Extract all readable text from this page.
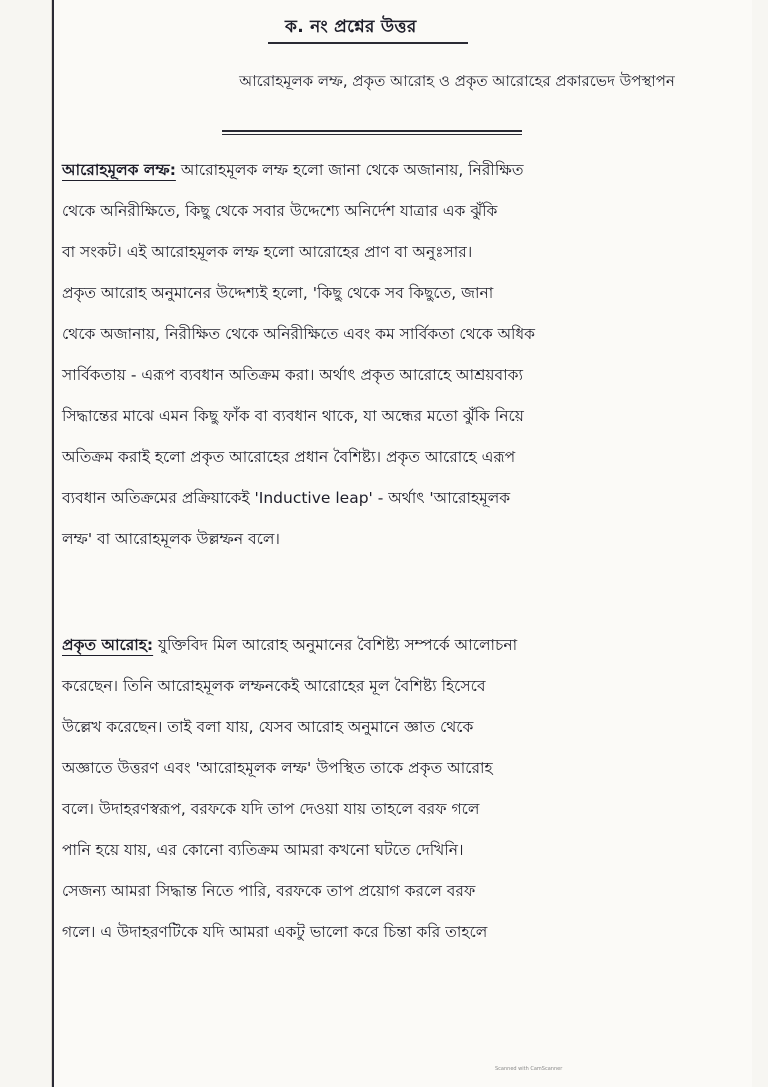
ক. নং প্রশ্নের উত্তর
আরোহমূলক লম্ফ, প্রকৃত আরোহ ও প্রকৃত আরোহের প্রকারভেদ উপস্থাপন
আরোহমূলক লম্ফ: আরোহমূলক লম্ফ হলো জানা থেকে অজানায়, নিরীক্ষিত
থেকে অনিরীক্ষিতে, কিছু থেকে সবার উদ্দেশ্যে অনির্দেশ যাত্রার এক ঝুঁকি
বা সংকট। এই আরোহমূলক লম্ফ হলো আরোহের প্রাণ বা অনুঃসার।
প্রকৃত আরোহ অনুমানের উদ্দেশ্যই হলো, 'কিছু থেকে সব কিছুতে, জানা
থেকে অজানায়, নিরীক্ষিত থেকে অনিরীক্ষিতে এবং কম সার্বিকতা থেকে অধিক
সার্বিকতায় - এরূপ ব্যবধান অতিক্রম করা। অর্থাৎ প্রকৃত আরোহে আশ্রয়বাক্য
সিদ্ধান্তের মাঝে এমন কিছু ফাঁক বা ব্যবধান থাকে, যা অন্ধের মতো ঝুঁকি নিয়ে
অতিক্রম করাই হলো প্রকৃত আরোহের প্রধান বৈশিষ্ট্য। প্রকৃত আরোহে এরূপ
ব্যবধান অতিক্রমের প্রক্রিয়াকেই 'Inductive leap' - অর্থাৎ 'আরোহমূলক
লম্ফ' বা আরোহমূলক উল্লম্ফন বলে।
প্রকৃত আরোহ: যুক্তিবিদ মিল আরোহ অনুমানের বৈশিষ্ট্য সম্পর্কে আলোচনা
করেছেন। তিনি আরোহমূলক লম্ফনকেই আরোহের মূল বৈশিষ্ট্য হিসেবে
উল্লেখ করেছেন। তাই বলা যায়, যেসব আরোহ অনুমানে জ্ঞাত থেকে
অজ্ঞাতে উত্তরণ এবং 'আরোহমূলক লম্ফ' উপস্থিত তাকে প্রকৃত আরোহ
বলে। উদাহরণস্বরূপ, বরফকে যদি তাপ দেওয়া যায় তাহলে বরফ গলে
পানি হয়ে যায়, এর কোনো ব্যতিক্রম আমরা কখনো ঘটতে দেখিনি।
সেজন্য আমরা সিদ্ধান্ত নিতে পারি, বরফকে তাপ প্রয়োগ করলে বরফ
গলে। এ উদাহরণটিকে যদি আমরা একটু ভালো করে চিন্তা করি তাহলে
Scanned with CamScanner
